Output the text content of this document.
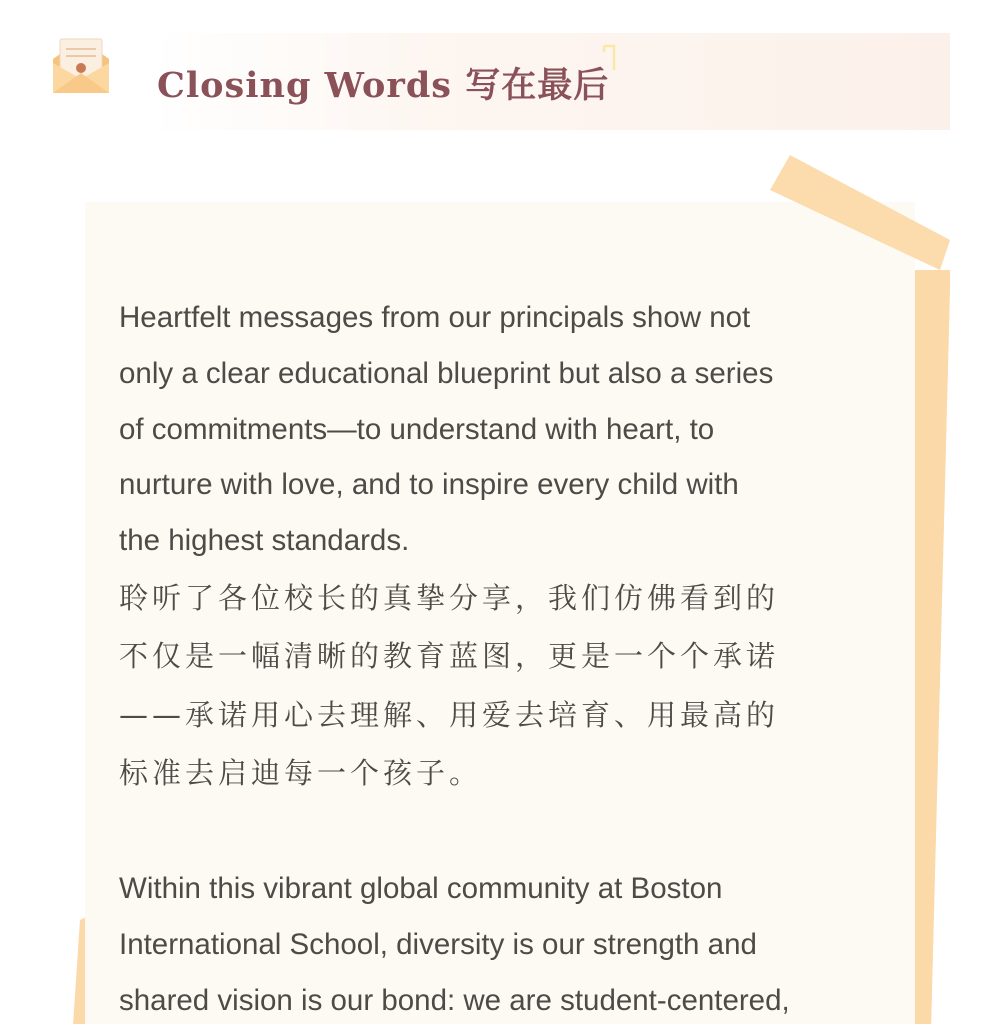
Closing Words 写在最后

Heartfelt messages from our principals show not
only a clear educational blueprint but also a series
of commitments—to understand with heart, to
nurture with love, and to inspire every child with
the highest standards.

聆听了各位校长的真挚分享，我们仿佛看到的
不仅是一幅清晰的教育蓝图，更是一个个承诺
——承诺用心去理解、用爱去培育、用最高的
标准去启迪每一个孩子。

Within this vibrant global community at Boston
International School, diversity is our strength and
shared vision is our bond: we are student-centered,
